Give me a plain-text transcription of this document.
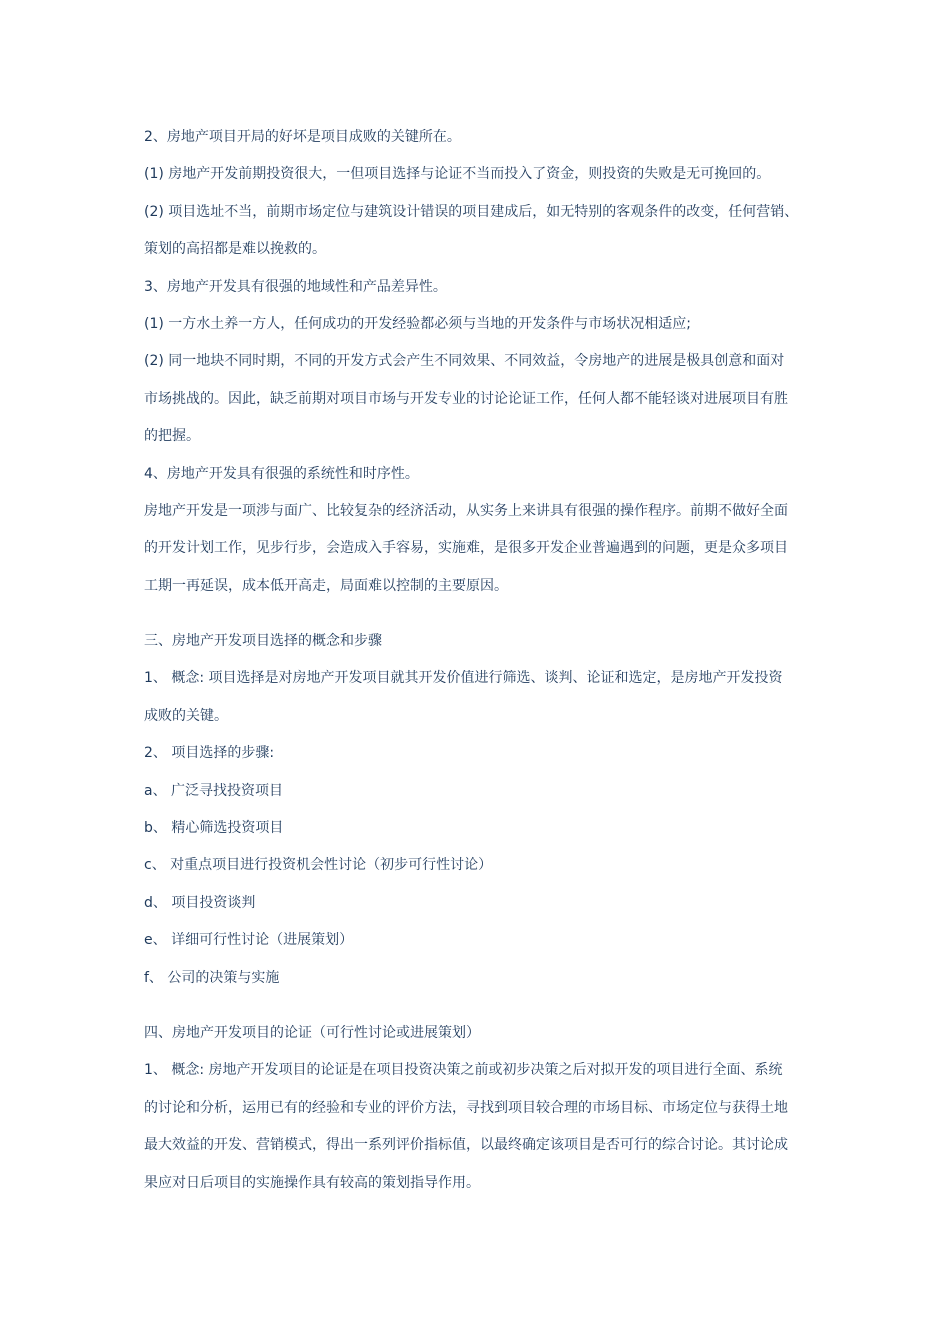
2、房地产项目开局的好坏是项目成败的关键所在。
(1) 房地产开发前期投资很大，一但项目选择与论证不当而投入了资金，则投资的失败是无可挽回的。
(2) 项目选址不当，前期市场定位与建筑设计错误的项目建成后，如无特别的客观条件的改变，任何营销、
策划的高招都是难以挽救的。
3、房地产开发具有很强的地域性和产品差异性。
(1) 一方水土养一方人，任何成功的开发经验都必须与当地的开发条件与市场状况相适应;
(2) 同一地块不同时期，不同的开发方式会产生不同效果、不同效益，令房地产的进展是极具创意和面对
市场挑战的。因此，缺乏前期对项目市场与开发专业的讨论论证工作，任何人都不能轻谈对进展项目有胜
的把握。
4、房地产开发具有很强的系统性和时序性。
房地产开发是一项涉与面广、比较复杂的经济活动，从实务上来讲具有很强的操作程序。前期不做好全面
的开发计划工作，见步行步，会造成入手容易，实施难，是很多开发企业普遍遇到的问题，更是众多项目
工期一再延误，成本低开高走，局面难以控制的主要原因。
三、房地产开发项目选择的概念和步骤
1、 概念: 项目选择是对房地产开发项目就其开发价值进行筛选、谈判、论证和选定，是房地产开发投资
成败的关键。
2、 项目选择的步骤:
a、 广泛寻找投资项目
b、 精心筛选投资项目
c、 对重点项目进行投资机会性讨论（初步可行性讨论）
d、 项目投资谈判
e、 详细可行性讨论（进展策划）
f、 公司的决策与实施
四、房地产开发项目的论证（可行性讨论或进展策划）
1、 概念: 房地产开发项目的论证是在项目投资决策之前或初步决策之后对拟开发的项目进行全面、系统
的讨论和分析，运用已有的经验和专业的评价方法，寻找到项目较合理的市场目标、市场定位与获得土地
最大效益的开发、营销模式，得出一系列评价指标值，以最终确定该项目是否可行的综合讨论。其讨论成
果应对日后项目的实施操作具有较高的策划指导作用。
